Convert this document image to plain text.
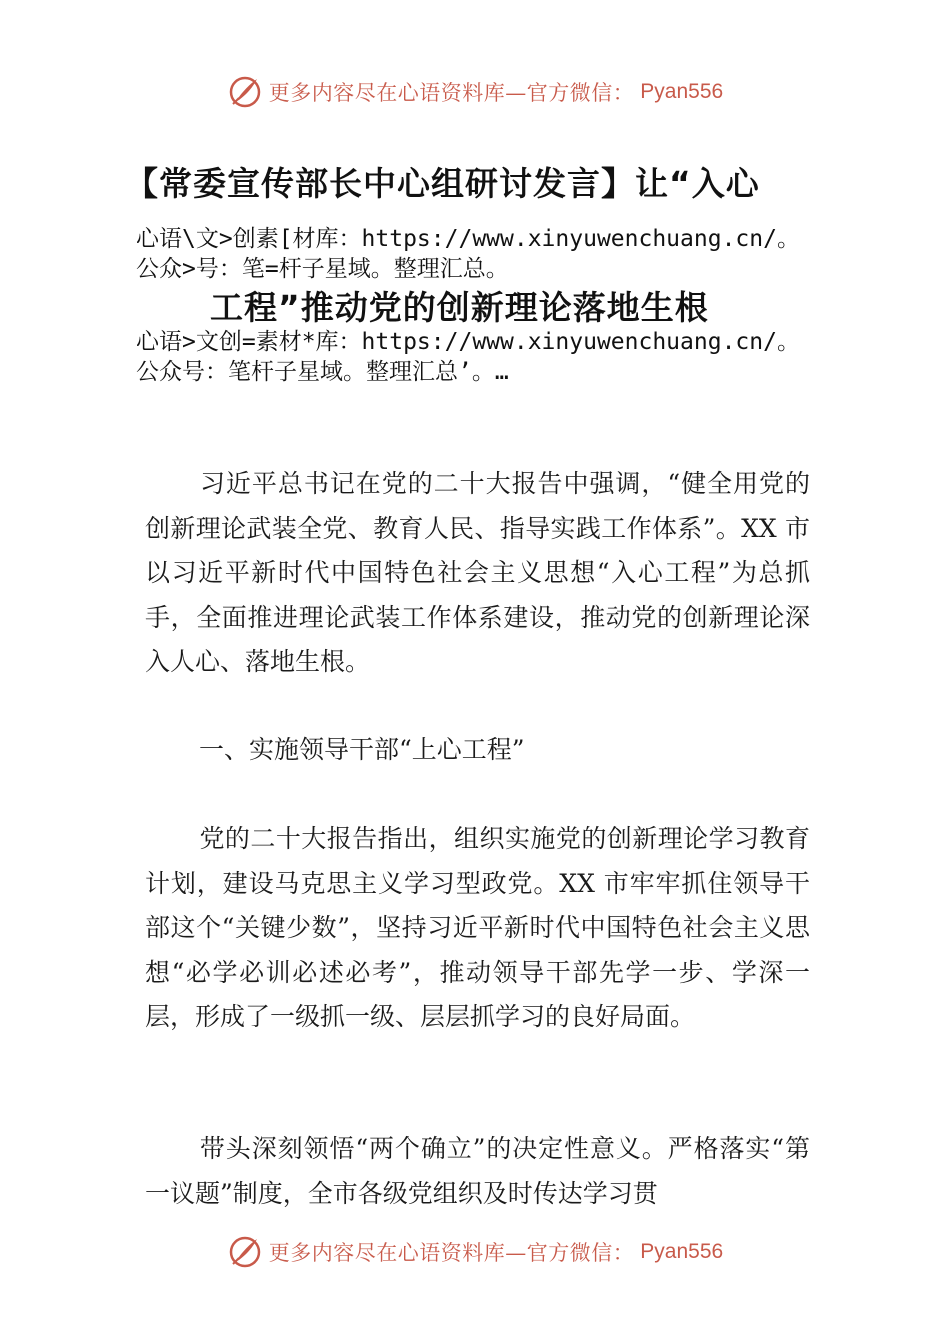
更多内容尽在心语资料库—官方微信： Pyan556
【常委宣传部长中心组研讨发言】让“入心
心语\文>创素[材库：https://www.xinyuwenchuang.cn/。
公众>号：笔=杆子星域。整理汇总。
工程”推动党的创新理论落地生根
心语>文创=素材*库：https://www.xinyuwenchuang.cn/。
公众号：笔杆子星域。整理汇总’。…

习近平总书记在党的二十大报告中强调，“健全用党的创新理论武装全党、教育人民、指导实践工作体系”。XX 市以习近平新时代中国特色社会主义思想“入心工程”为总抓手，全面推进理论武装工作体系建设，推动党的创新理论深入人心、落地生根。

一、实施领导干部“上心工程”

党的二十大报告指出，组织实施党的创新理论学习教育计划，建设马克思主义学习型政党。XX 市牢牢抓住领导干部这个“关键少数”，坚持习近平新时代中国特色社会主义思想“必学必训必述必考”，推动领导干部先学一步、学深一层，形成了一级抓一级、层层抓学习的良好局面。

带头深刻领悟“两个确立”的决定性意义。严格落实“第一议题”制度，全市各级党组织及时传达学习贯

更多内容尽在心语资料库—官方微信： Pyan556
